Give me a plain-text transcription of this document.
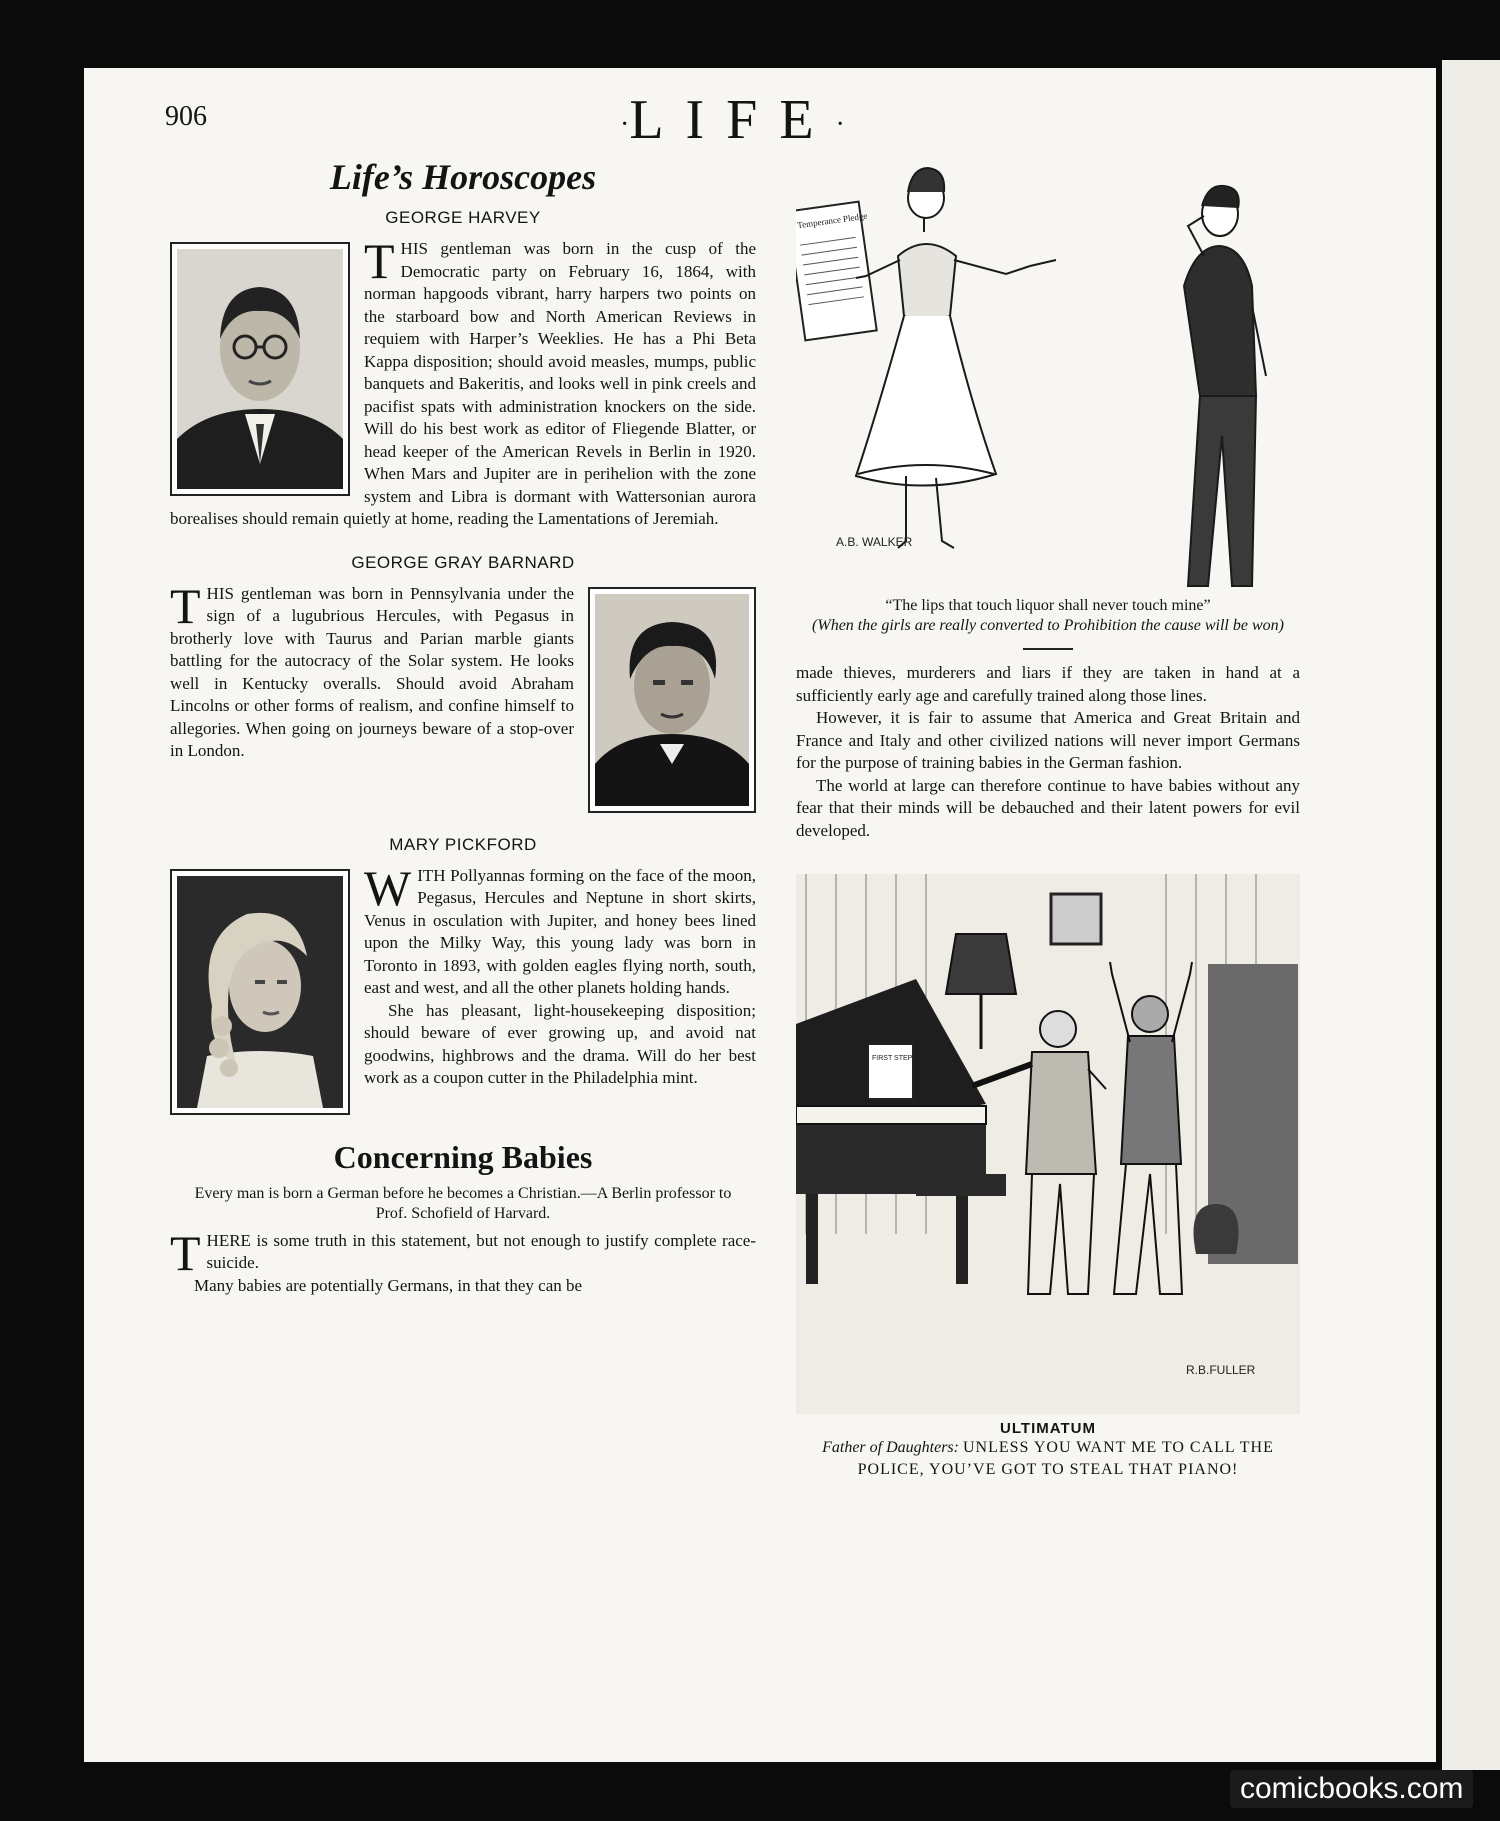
906	·LIFE·
Life’s Horoscopes
GEORGE HARVEY
T HIS gentleman was born in the cusp of the Democratic party on February 16, 1864, with norman hapgoods vibrant, harry harpers two points on the starboard bow and North American Reviews in requiem with Harper’s Weeklies. He has a Phi Beta Kappa disposition; should avoid measles, mumps, public banquets and Bakeritis, and looks well in pink creels and pacifist spats with administration knockers on the side. Will do his best work as editor of Fliegende Blatter, or head keeper of the American Revels in Berlin in 1920. When Mars and Jupiter are in perihelion with the zone system and Libra is dormant with Wattersonian aurora borealises should remain quietly at home, reading the Lamentations of Jeremiah.

GEORGE GRAY BARNARD
T HIS gentleman was born in Pennsylvania under the sign of a lugubrious Hercules, with Pegasus in brotherly love with Taurus and Parian marble giants battling for the autocracy of the Solar system. He looks well in Kentucky overalls. Should avoid Abraham Lincolns or other forms of realism, and confine himself to allegories. When going on journeys beware of a stop-over in London.

MARY PICKFORD
W ITH Pollyannas forming on the face of the moon, Pegasus, Hercules and Neptune in short skirts, Venus in osculation with Jupiter, and honey bees lined upon the Milky Way, this young lady was born in Toronto in 1893, with golden eagles flying north, south, east and west, and all the other planets holding hands.

She has pleasant, light-housekeeping disposition; should beware of ever growing up, and avoid nat goodwins, highbrows and the drama. Will do her best work as a coupon cutter in the Philadelphia mint.

Concerning Babies
Every man is born a German before he becomes a Christian.—A Berlin professor to Prof. Schofield of Harvard.
T HERE is some truth in this statement, but not enough to justify complete race-suicide.

Many babies are potentially Germans, in that they can be

Temperance Pledge
A.B. WALKER
“The lips that touch liquor shall never touch mine”
(When the girls are really converted to Prohibition the cause will be won)

made thieves, murderers and liars if they are taken in hand at a sufficiently early age and carefully trained along those lines.

However, it is fair to assume that America and Great Britain and France and Italy and other civilized nations will never import Germans for the purpose of training babies in the German fashion.

The world at large can therefore continue to have babies without any fear that their minds will be debauched and their latent powers for evil developed.

FIRST STEPS IN MUSIC
R.B.FULLER
ULTIMATUM
Father of Daughters: UNLESS YOU WANT ME TO CALL THE POLICE, YOU’VE GOT TO STEAL THAT PIANO!
comicbooks.com
